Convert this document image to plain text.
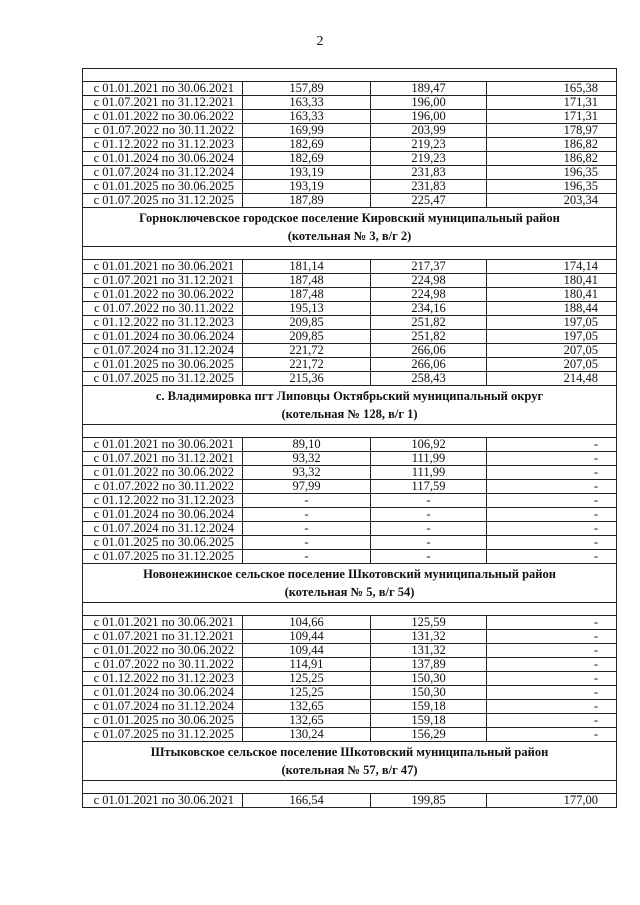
2

с 01.01.2021 по 30.06.2021	157,89	189,47	165,38
с 01.07.2021 по 31.12.2021	163,33	196,00	171,31
с 01.01.2022 по 30.06.2022	163,33	196,00	171,31
с 01.07.2022 по 30.11.2022	169,99	203,99	178,97
с 01.12.2022 по 31.12.2023	182,69	219,23	186,82
с 01.01.2024 по 30.06.2024	182,69	219,23	186,82
с 01.07.2024 по 31.12.2024	193,19	231,83	196,35
с 01.01.2025 по 30.06.2025	193,19	231,83	196,35
с 01.07.2025 по 31.12.2025	187,89	225,47	203,34

Горноключевское городское поселение Кировский муниципальный район
(котельная № 3, в/г 2)			

с 01.01.2021 по 30.06.2021	181,14	217,37	174,14
с 01.07.2021 по 31.12.2021	187,48	224,98	180,41
с 01.01.2022 по 30.06.2022	187,48	224,98	180,41
с 01.07.2022 по 30.11.2022	195,13	234,16	188,44
с 01.12.2022 по 31.12.2023	209,85	251,82	197,05
с 01.01.2024 по 30.06.2024	209,85	251,82	197,05
с 01.07.2024 по 31.12.2024	221,72	266,06	207,05
с 01.01.2025 по 30.06.2025	221,72	266,06	207,05
с 01.07.2025 по 31.12.2025	215,36	258,43	214,48

с. Владимировка пгт Липовцы Октябрьский муниципальный округ
(котельная № 128, в/г 1)			

с 01.01.2021 по 30.06.2021	89,10	106,92	-
с 01.07.2021 по 31.12.2021	93,32	111,99	-
с 01.01.2022 по 30.06.2022	93,32	111,99	-
с 01.07.2022 по 30.11.2022	97,99	117,59	-
с 01.12.2022 по 31.12.2023	-	-	-
с 01.01.2024 по 30.06.2024	-	-	-
с 01.07.2024 по 31.12.2024	-	-	-
с 01.01.2025 по 30.06.2025	-	-	-
с 01.07.2025 по 31.12.2025	-	-	-

Новонежинское сельское поселение Шкотовский муниципальный район
(котельная № 5, в/г 54)			

с 01.01.2021 по 30.06.2021	104,66	125,59	-
с 01.07.2021 по 31.12.2021	109,44	131,32	-
с 01.01.2022 по 30.06.2022	109,44	131,32	-
с 01.07.2022 по 30.11.2022	114,91	137,89	-
с 01.12.2022 по 31.12.2023	125,25	150,30	-
с 01.01.2024 по 30.06.2024	125,25	150,30	-
с 01.07.2024 по 31.12.2024	132,65	159,18	-
с 01.01.2025 по 30.06.2025	132,65	159,18	-
с 01.07.2025 по 31.12.2025	130,24	156,29	-

Штыковское сельское поселение Шкотовский муниципальный район
(котельная № 57, в/г 47)			

с 01.01.2021 по 30.06.2021	166,54	199,85	177,00
